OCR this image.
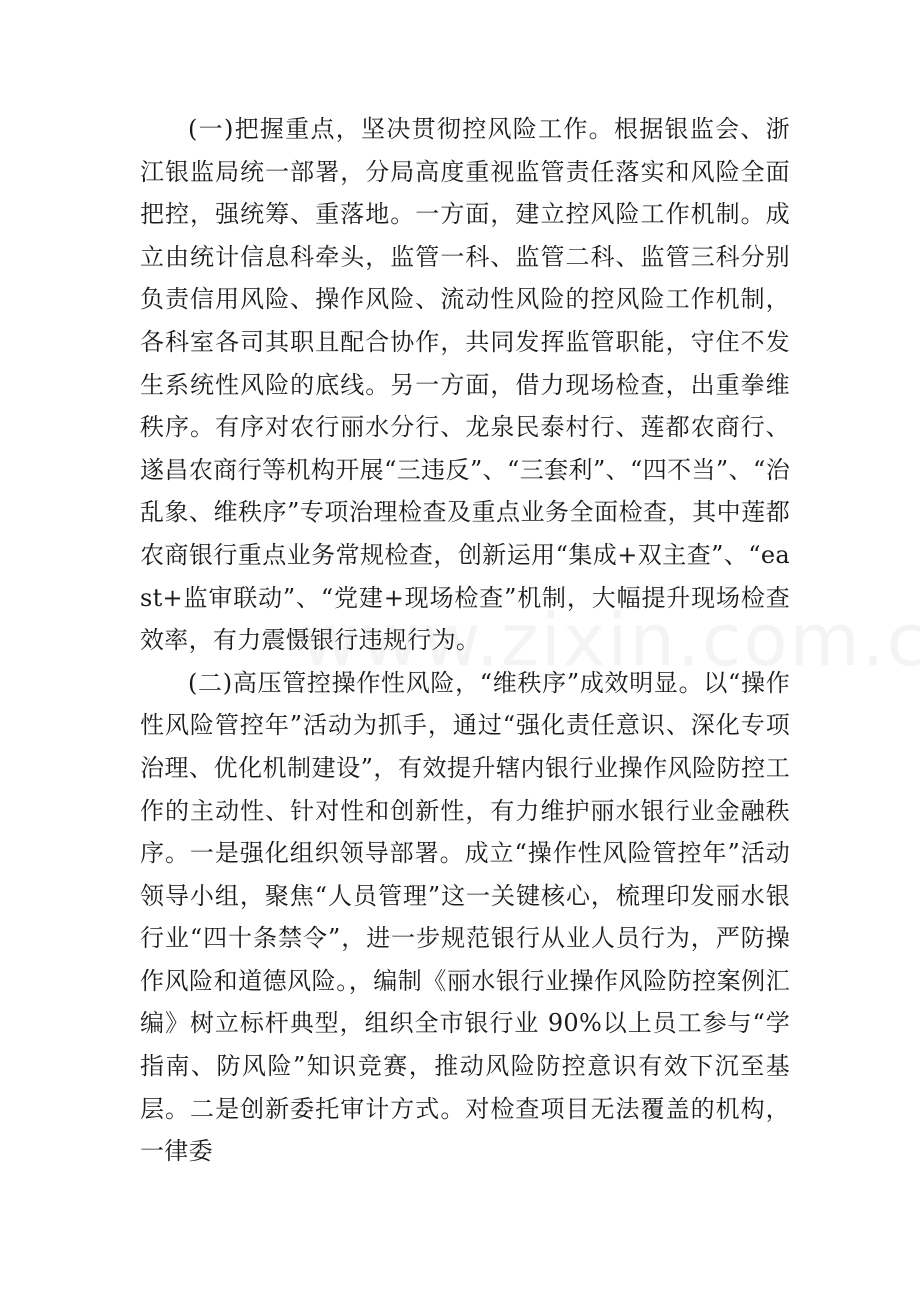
(一)把握重点，坚决贯彻控风险工作。根据银监会、浙江银监局统一部署，分局高度重视监管责任落实和风险全面把控，强统筹、重落地。一方面，建立控风险工作机制。成立由统计信息科牵头，监管一科、监管二科、监管三科分别负责信用风险、操作风险、流动性风险的控风险工作机制，各科室各司其职且配合协作，共同发挥监管职能，守住不发生系统性风险的底线。另一方面，借力现场检查，出重拳维秩序。有序对农行丽水分行、龙泉民泰村行、莲都农商行、遂昌农商行等机构开展“三违反”、“三套利”、“四不当”、“治乱象、维秩序”专项治理检查及重点业务全面检查，其中莲都农商银行重点业务常规检查，创新运用“集成+双主查”、“east+监审联动”、“党建+现场检查”机制，大幅提升现场检查效率，有力震慑银行违规行为。

(二)高压管控操作性风险，“维秩序”成效明显。以“操作性风险管控年”活动为抓手，通过“强化责任意识、深化专项治理、优化机制建设”，有效提升辖内银行业操作风险防控工作的主动性、针对性和创新性，有力维护丽水银行业金融秩序。一是强化组织领导部署。成立“操作性风险管控年”活动领导小组，聚焦“人员管理”这一关键核心，梳理印发丽水银行业“四十条禁令”，进一步规范银行从业人员行为，严防操作风险和道德风险。，编制《丽水银行业操作风险防控案例汇编》树立标杆典型，组织全市银行业 90%以上员工参与“学指南、防风险”知识竞赛，推动风险防控意识有效下沉至基层。二是创新委托审计方式。对检查项目无法覆盖的机构，一律委
